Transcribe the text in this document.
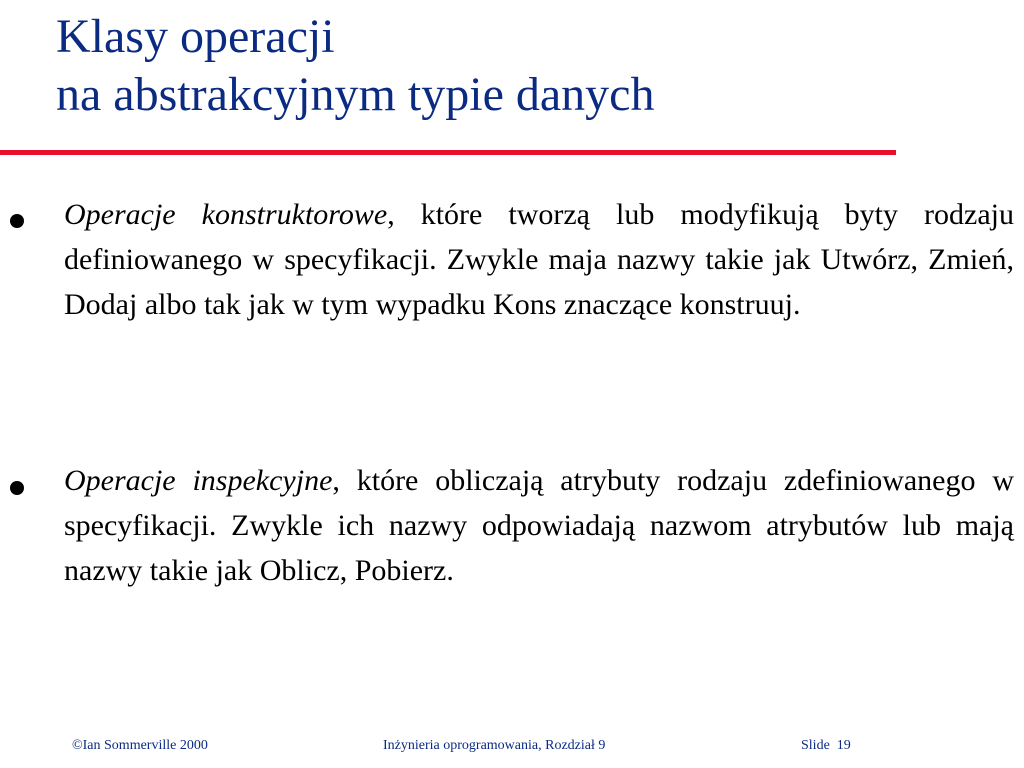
Klasy operacji
na abstrakcyjnym typie danych
Operacje konstruktorowe, które tworzą lub modyfikują byty rodzaju definiowanego w specyfikacji. Zwykle maja nazwy takie jak Utwórz, Zmień, Dodaj albo tak jak w tym wypadku Kons znaczące konstruuj.
Operacje inspekcyjne, które obliczają atrybuty rodzaju zdefiniowanego w specyfikacji. Zwykle ich nazwy odpowiadają nazwom atrybutów lub mają nazwy takie jak Oblicz, Pobierz.
©Ian Sommerville 2000	Inżynieria oprogramowania, Rozdział 9	Slide  19
